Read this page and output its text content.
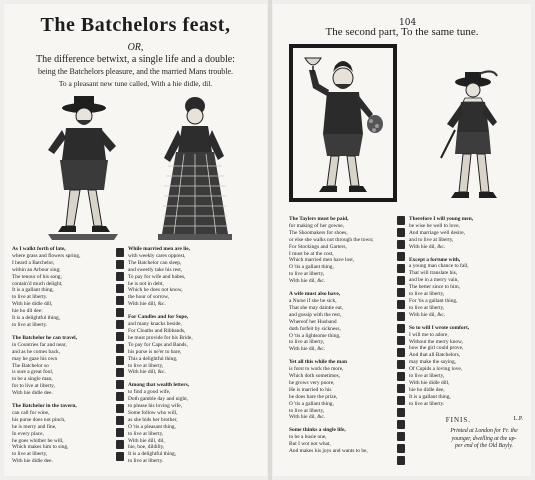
The Batchelors feast,
OR,
The difference betwixt, a single life and a double:
being the Batchelors pleasure, and the married Mans trouble.
To a pleasant new tune called, With a hie didle, dil.
As I walkt forth of late,
where grass and flowers spring,
I heard a Batchelor,
within an Arbour sing;
The tenour of his song,
contain'd much delight,
It is a gallant thing,
to live at liberty.
With hie didle dill,
hie ho dil dee:
It is a delightful thing,
to live at liberty.
The Batchelor he can travel,
in Countries far and near,
and as he comes back,
may he gaze his own
The Batchelor so
is sure a great fool,
to be a single man,
for to live at liberty,
With hie didle dee.
The Batchelor in the tavern,
can call for wine,
his purse does not pinch,
he is merry and fine,
In every place,
he goes whither he will,
Which makes him to sing,
to live at liberty,
With hie didle dee.
While married men are lie,
with weekly cares opprest,
The Batchelor can sleep,
and sweetly take his rest,
To pay for wife and babes,
he is not in debt,
Which he does not know,
the hour of sorrow,
With hie dill, &c.
For Candles and for Sope,
and many knacks beside,
For Cloaths and Ribbands,
he must provide for his Bride,
To pay for Caps and Bands,
his purse is ne'er to bare,
This a delightful thing,
to live at liberty,
With hie dill, &c.
Among that wealth letters,
to find a good wife,
Doth gamble day and night,
to please his loving wife,
Some follow who will,
as she bids her brother,
O 'tis a pleasant thing,
to live at liberty,
With hie dill, dil,
hie, hoe, dildilly,
It is a delightful thing,
to live at liberty.
104
The second part, To the same tune.
The Taylers must be paid,
for making of her gowne,
The Shoomakers for shoes,
or else she walks not through the town;
For Stockings and Garters,
I must be at the cost,
Which married men have lost,
O 'tis a gallant thing,
to live at liberty,
With hie dil, &c.
A wife must also have,
a Nurse if she be sick,
That she may daintie eat,
and gossip with the rest,
Whereof her Husband
doth forfeit by sickness,
O 'tis a lightsome thing,
to live at liberty,
With hie dil, &c.
Yet all this while the man
is forst to work the more,
Which doth sometimes,
he grows very poore,
He is married to his
he does bare the prize,
O 'tis a gallant thing,
to live at liberty,
With hie dil, &c.
Some thinks a single life,
to be a busie one,
But I wot not what,
And makes his joys and wants to be,
Therefore I will young men,
be wise be well to love,
And marriage well desire,
and to live at liberty,
With hie dil, &c.
Except a fortune with,
a young man chance to fall,
That will translate his,
and be in a merry vain,
The better since to him,
to live at liberty,
For 'tis a gallant thing,
to live at liberty,
With hie dil, &c.
So to will I wrote comfort,
I will me to adore,
Without the merry know,
how the girl could prove,
And that all Batchelors,
may make the saying,
Of Cupids a loving love,
to live at liberty,
With hie didle dill,
hie ho didle dee,
It is a gallant thing,
to live at liberty.
FINIS.	L.P.
Printed at London for Fr. the
younger, dwelling at the up-
per end of the Old Bayly.
